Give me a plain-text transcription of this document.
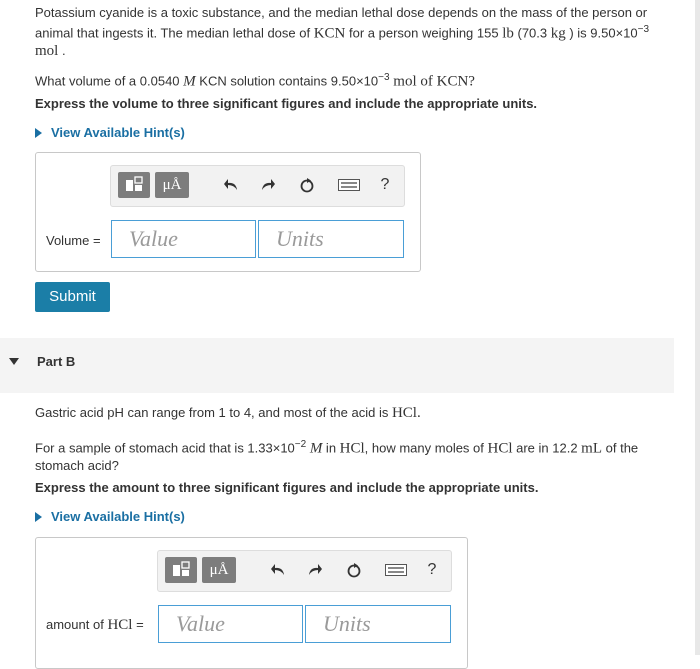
Potassium cyanide is a toxic substance, and the median lethal dose depends on the mass of the person or animal that ingests it. The median lethal dose of KCN for a person weighing 155 lb (70.3 kg ) is $9.50\times 10^{-3}$
mol .
What volume of a 0.0540 M KCN solution contains $9.50\times 10^{-3}$ mol of KCN?
Express the volume to three significant figures and include the appropriate units.
View Available Hint(s)
μÅ	?
Volume =	Value	Units
Submit
Part B
Gastric acid pH can range from 1 to 4, and most of the acid is HCl.
For a sample of stomach acid that is $1.33\times 10^{-2}$ M in HCl, how many moles of HCl are in 12.2 mL of the stomach acid?
Express the amount to three significant figures and include the appropriate units.
View Available Hint(s)
μÅ	?
amount of HCl =	Value	Units
